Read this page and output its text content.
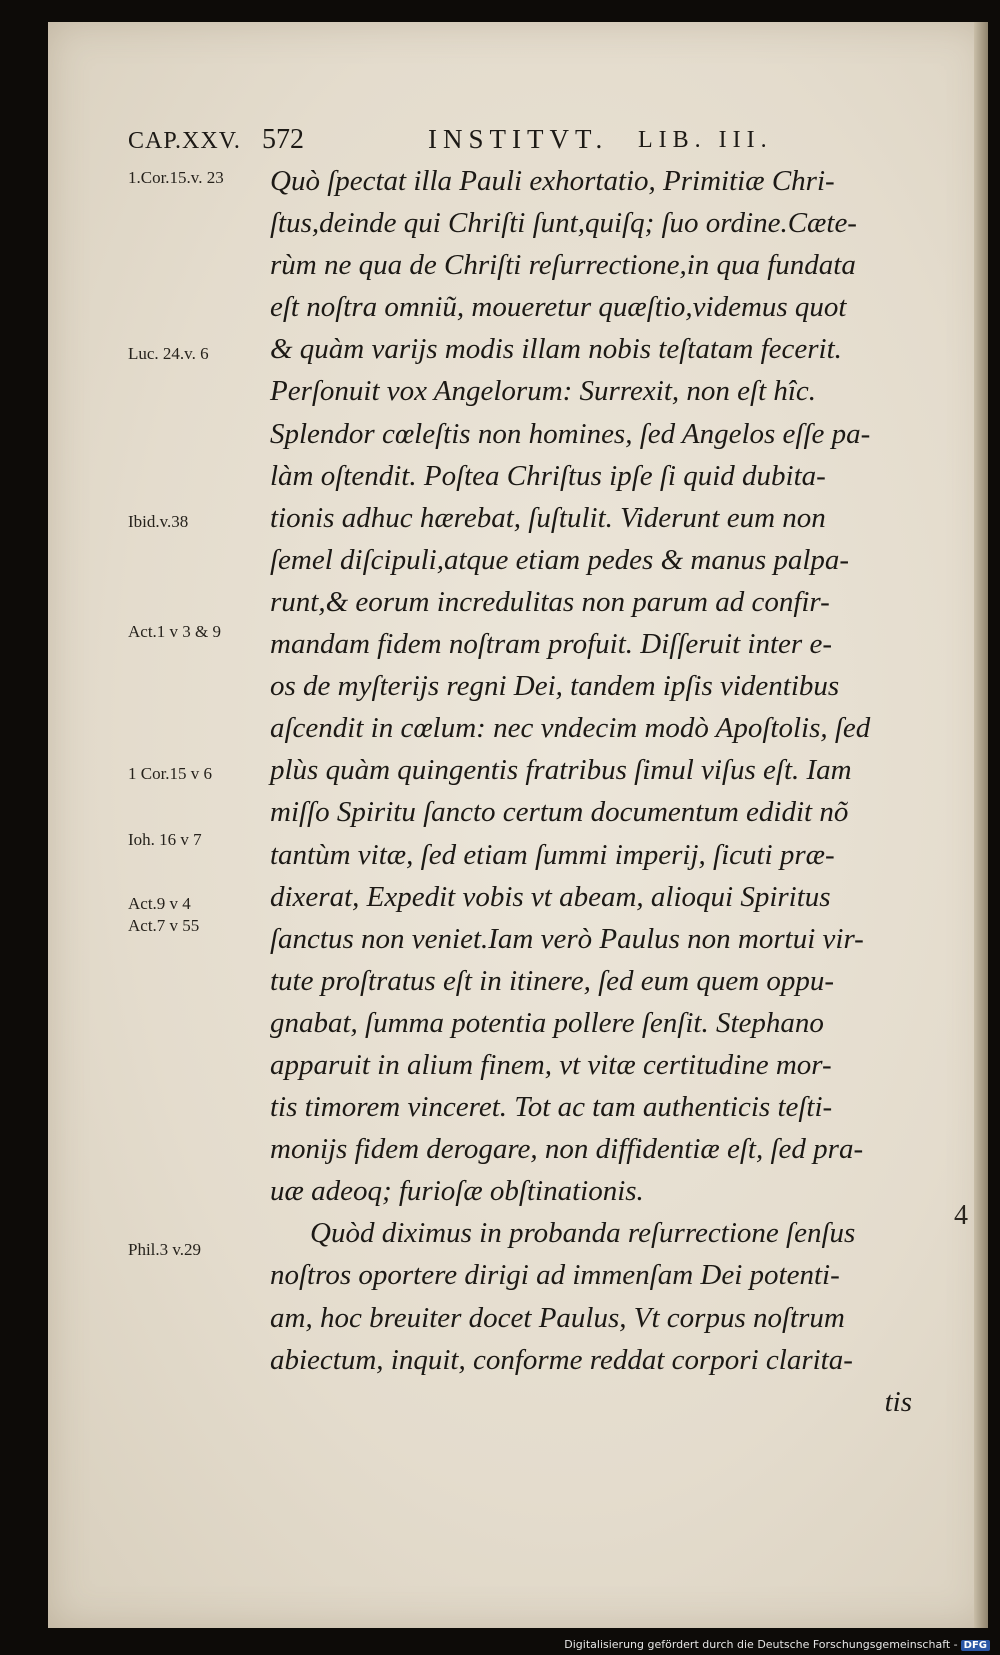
CAP.XXV. 572	INSTITVT. LIB. III.
1.Cor.15.v. 23
Luc. 24.v. 6
Ibid.v.38
Act.1 v 3 & 9
1 Cor.15 v 6
Ioh. 16 v 7
Act.9 v 4
Act.7 v 55
Phil.3 v.29
Quò ſpectat illa Pauli exhortatio, Primitiæ Chri-
ſtus,deinde qui Chriſti ſunt,quiſq; ſuo ordine.Cæte-
rùm ne qua de Chriſti reſurrectione,in qua fundata
eſt noſtra omniũ, moueretur quæſtio,videmus quot
& quàm varijs modis illam nobis teſtatam fecerit.
Perſonuit vox Angelorum: Surrexit, non eſt hîc.
Splendor cœleſtis non homines, ſed Angelos eſſe pa-
làm oſtendit. Poſtea Chriſtus ipſe ſi quid dubita-
tionis adhuc hærebat, ſuſtulit. Viderunt eum non
ſemel diſcipuli,atque etiam pedes & manus palpa-
runt,& eorum incredulitas non parum ad confir-
mandam fidem noſtram profuit. Diſſeruit inter e-
os de myſterijs regni Dei, tandem ipſis videntibus
aſcendit in cœlum: nec vndecim modò Apoſtolis, ſed
plùs quàm quingentis fratribus ſimul viſus eſt. Iam
miſſo Spiritu ſancto certum documentum edidit nõ
tantùm vitæ, ſed etiam ſummi imperij, ſicuti præ-
dixerat, Expedit vobis vt abeam, alioqui Spiritus
ſanctus non veniet.Iam verò Paulus non mortui vir-
tute proſtratus eſt in itinere, ſed eum quem oppu-
gnabat, ſumma potentia pollere ſenſit. Stephano
apparuit in alium finem, vt vitæ certitudine mor-
tis timorem vinceret. Tot ac tam authenticis teſti-
monijs fidem derogare, non diffidentiæ eſt, ſed pra-
uæ adeoq; furioſæ obſtinationis.
Quòd diximus in probanda reſurrectione ſenſus
noſtros oportere dirigi ad immenſam Dei potenti-
am, hoc breuiter docet Paulus, Vt corpus noſtrum
abiectum, inquit, conforme reddat corpori clarita-
tis
4
Digitalisierung gefördert durch die Deutsche Forschungsgemeinschaft - DFG
